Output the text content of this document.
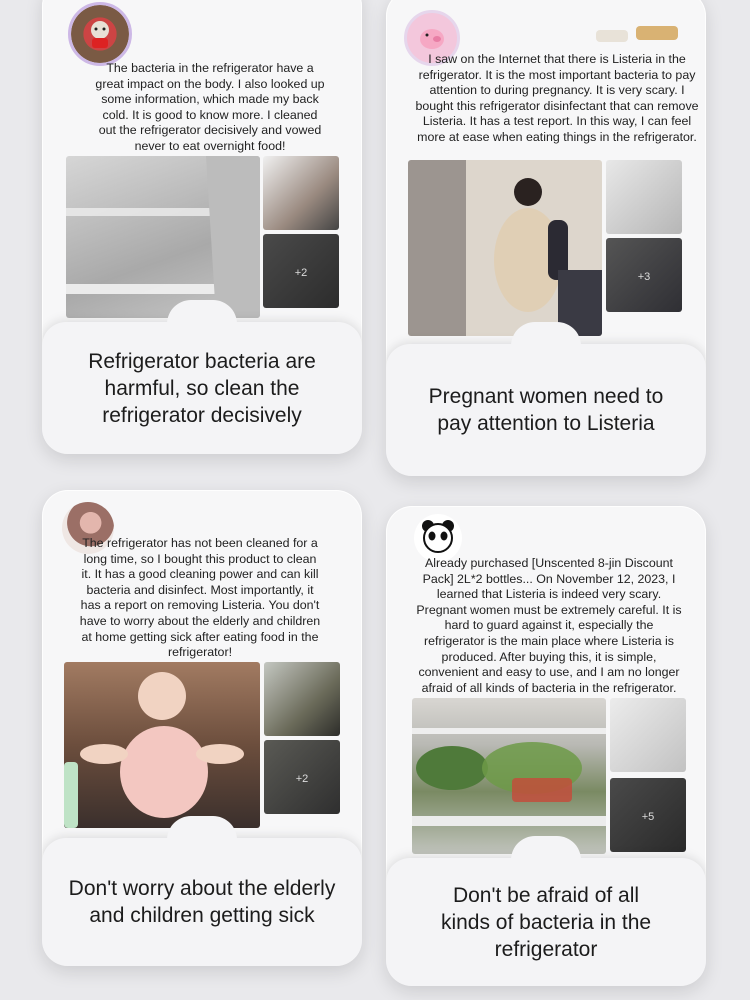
The bacteria in the refrigerator have a great impact on the body. I also looked up some information, which made my back cold. It is good to know more. I cleaned out the refrigerator decisively and vowed never to eat overnight food!
+2
Refrigerator bacteria are harmful, so clean the refrigerator decisively
I saw on the Internet that there is Listeria in the refrigerator. It is the most important bacteria to pay attention to during pregnancy. It is very scary. I bought this refrigerator disinfectant that can remove Listeria. It has a test report. In this way, I can feel more at ease when eating things in the refrigerator.
+3
Pregnant women need to pay attention to Listeria
The refrigerator has not been cleaned for a long time, so I bought this product to clean it. It has a good cleaning power and can kill bacteria and disinfect. Most importantly, it has a report on removing Listeria. You don't have to worry about the elderly and children at home getting sick after eating food in the refrigerator!
+2
Don't worry about the elderly and children getting sick
Already purchased [Unscented 8-jin Discount Pack] 2L*2 bottles... On November 12, 2023, I learned that Listeria is indeed very scary. Pregnant women must be extremely careful. It is hard to guard against it, especially the refrigerator is the main place where Listeria is produced. After buying this, it is simple, convenient and easy to use, and I am no longer afraid of all kinds of bacteria in the refrigerator.
+5
Don't be afraid of all kinds of bacteria in the refrigerator
